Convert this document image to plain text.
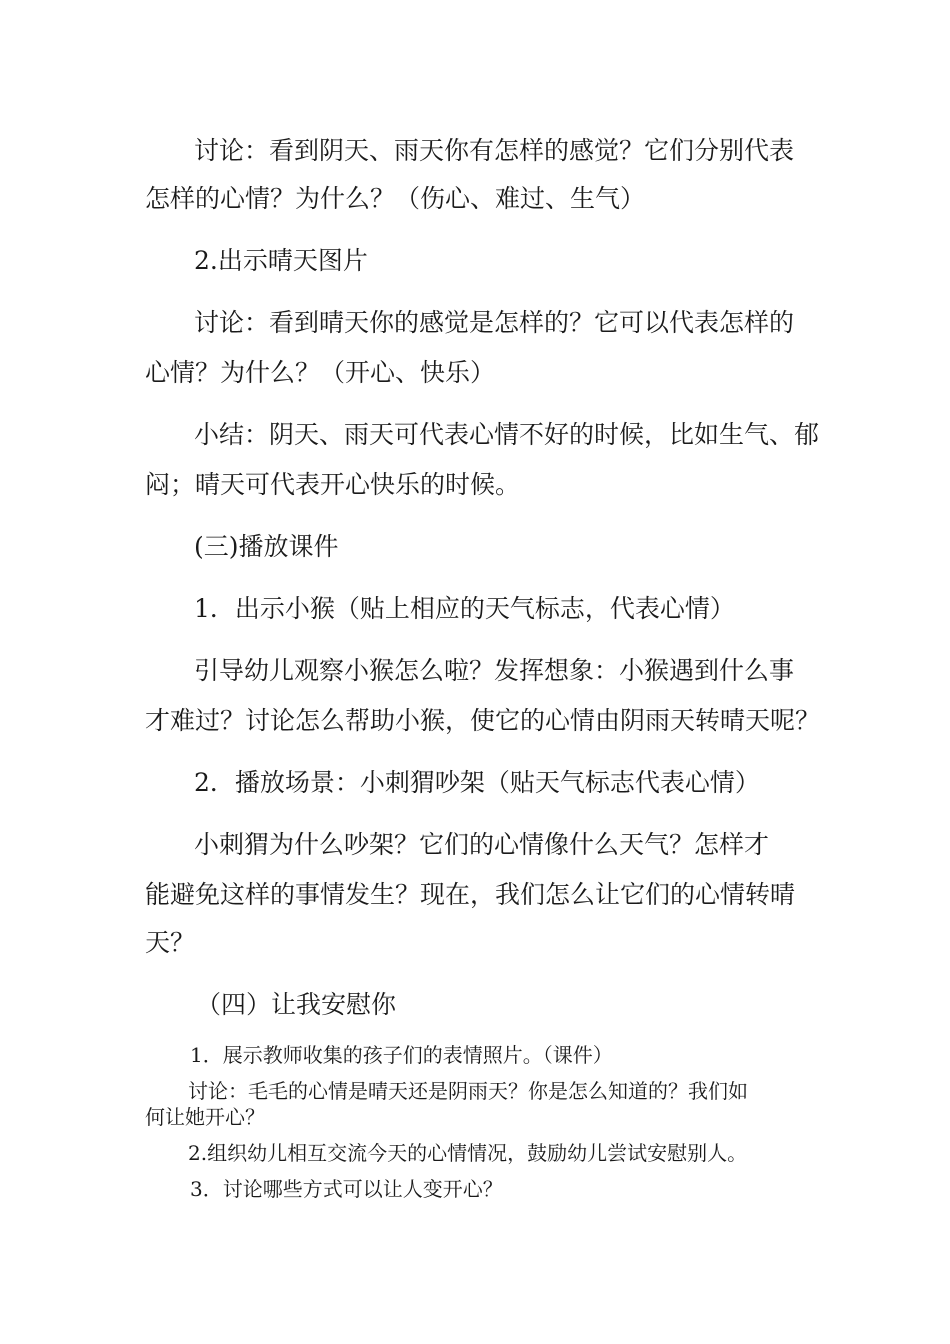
讨论：看到阴天、雨天你有怎样的感觉？它们分别代表
怎样的心情？为什么？（伤心、难过、生气）
2.出示晴天图片
讨论：看到晴天你的感觉是怎样的？它可以代表怎样的
心情？为什么？（开心、快乐）
小结：阴天、雨天可代表心情不好的时候，比如生气、郁
闷；晴天可代表开心快乐的时候。
(三)播放课件
1．出示小猴（贴上相应的天气标志，代表心情）
引导幼儿观察小猴怎么啦？发挥想象：小猴遇到什么事
才难过？讨论怎么帮助小猴，使它的心情由阴雨天转晴天呢？
2．播放场景：小刺猬吵架（贴天气标志代表心情）
小刺猬为什么吵架？它们的心情像什么天气？怎样才
能避免这样的事情发生？现在，我们怎么让它们的心情转晴
天？
（四）让我安慰你
1．展示教师收集的孩子们的表情照片。（课件）
讨论：毛毛的心情是晴天还是阴雨天？你是怎么知道的？我们如
何让她开心？
2.组织幼儿相互交流今天的心情情况，鼓励幼儿尝试安慰别人。
3．讨论哪些方式可以让人变开心？
